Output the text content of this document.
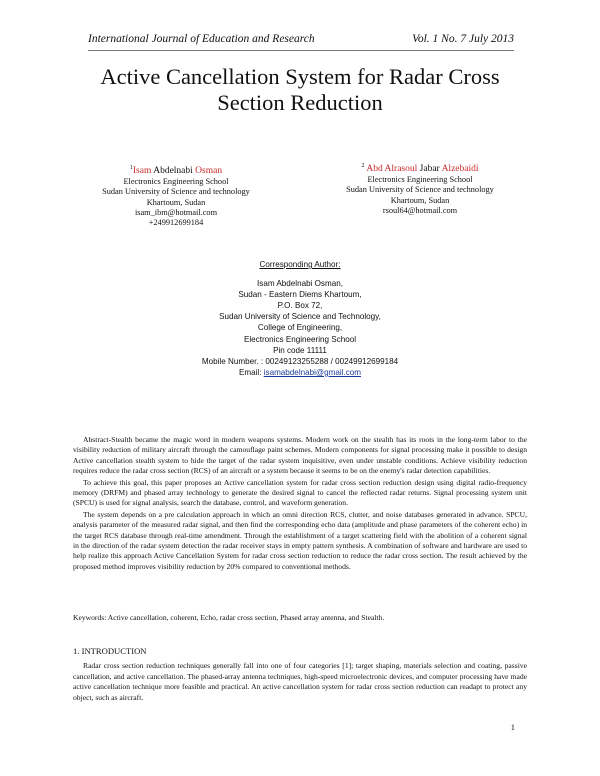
International Journal of Education and Research	Vol. 1 No. 7 July 2013
Active Cancellation System for Radar Cross
Section Reduction
$^1$Isam Abdelnabi Osman
Electronics Engineering School
Sudan University of Science and technology
Khartoum, Sudan
isam_ibm@hotmail.com
+249912699184
$^2$ Abd Alrasoul Jabar Alzebaidi
Electronics Engineering School
Sudan University of Science and technology
Khartoum, Sudan
rsoul64@hotmail.com
Corresponding Author:
Isam Abdelnabi Osman,
Sudan - Eastern Diems Khartoum,
P.O. Box 72,
Sudan University of Science and Technology,
College of Engineering,
Electronics Engineering School
Pin code 11111
Mobile Number. : 00249123255288 / 00249912699184
Email: isamabdelnabi@gmail.com

Abstract-Stealth became the magic word in modern weapons systems. Modern work on the stealth has its roots in the long-term labor to the visibility reduction of military aircraft through the camouflage paint schemes. Modern components for signal processing make it possible to design Active cancellation stealth system to hide the target of the radar system inquisitive, even under unstable conditions. Achieve visibility reduction requires reduce the radar cross section (RCS) of an aircraft or a system because it seems to be on the enemy's radar detection capabilities.

To achieve this goal, this paper proposes an Active cancellation system for radar cross section reduction design using digital radio-frequency memory (DRFM) and phased array technology to generate the desired signal to cancel the reflected radar returns. Signal processing system unit (SPCU) is used for signal analysis, search the database, control, and waveform generation.

The system depends on a pre calculation approach in which an omni direction RCS, clutter, and noise databases generated in advance. SPCU, analysis parameter of the measured radar signal, and then find the corresponding echo data (amplitude and phase parameters of the coherent echo) in the target RCS database through real-time amendment. Through the establishment of a target scattering field with the abolition of a coherent signal in the direction of the radar system detection the radar receiver stays in empty pattern synthesis. A combination of software and hardware are used to help realize this approach Active Cancellation System for radar cross section reduction to reduce the radar cross section. The result achieved by the proposed method improves visibility reduction by 20% compared to conventional methods.

Keywords: Active cancellation, coherent, Echo, radar cross section, Phased array antenna, and Stealth.
1. INTRODUCTION

Radar cross section reduction techniques generally fall into one of four categories [1]; target shaping, materials selection and coating, passive cancellation, and active cancellation. The phased-array antenna techniques, high-speed microelectronic devices, and computer processing have made active cancellation technique more feasible and practical. An active cancellation system for radar cross section reduction can readapt to protect any object, such as aircraft.

1
